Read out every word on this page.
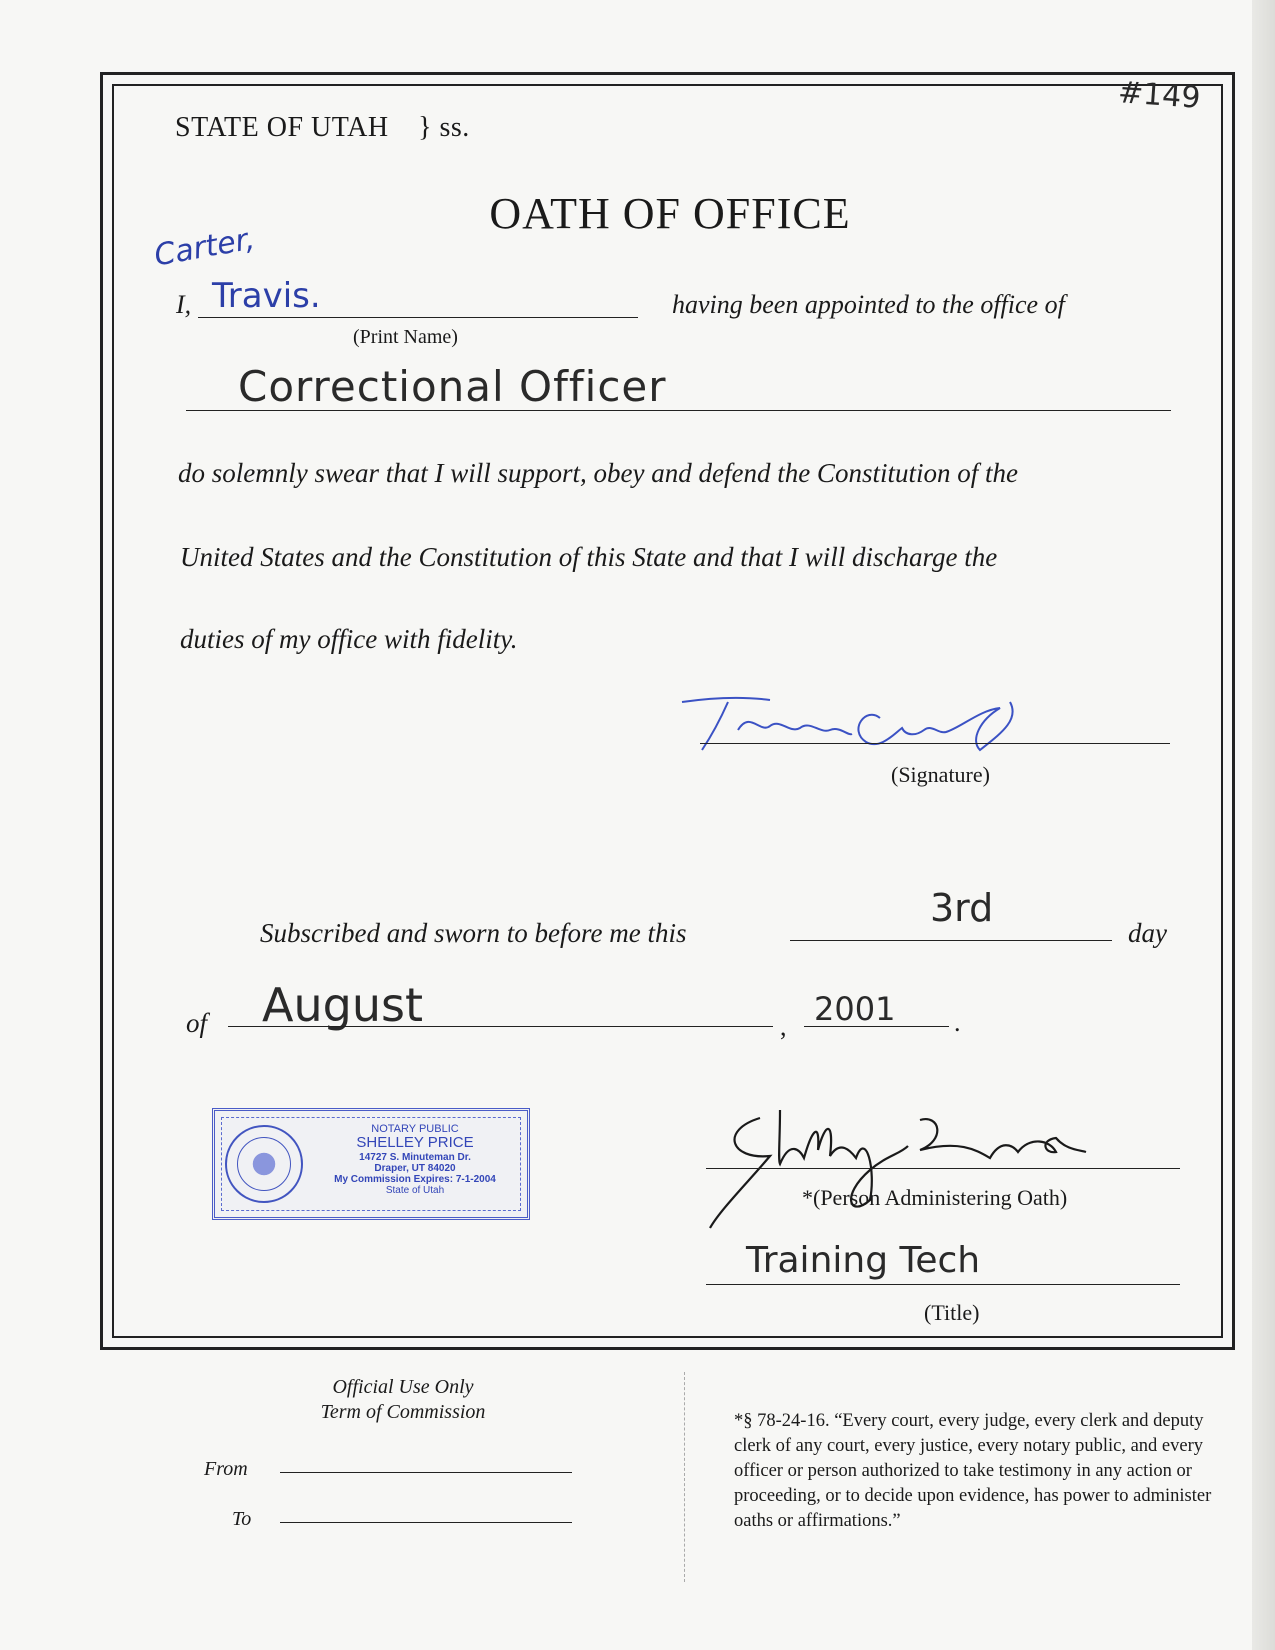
#149
STATE OF UTAH } ss.
OATH OF OFFICE
Carter,
I, Travis.	having been appointed to the office of
(Print Name)
Correctional Officer
do solemnly swear that I will support, obey and defend the Constitution of the
United States and the Constitution of this State and that I will discharge the
duties of my office with fidelity.
(Signature)
Subscribed and sworn to before me this
3rd
day
of August	, 2001 .
NOTARY PUBLIC
SHELLEY PRICE
14727 S. Minuteman Dr.
Draper, UT 84020
My Commission Expires: 7-1-2004
State of Utah	*(Person Administering Oath)
Training Tech
(Title)
Official Use Only
Term of Commission
From
To
*§ 78-24-16. “Every court, every judge, every clerk and deputy clerk of any court, every justice, every notary public, and every officer or person authorized to take testimony in any action or proceeding, or to decide upon evidence, has power to administer oaths or affirmations.”
